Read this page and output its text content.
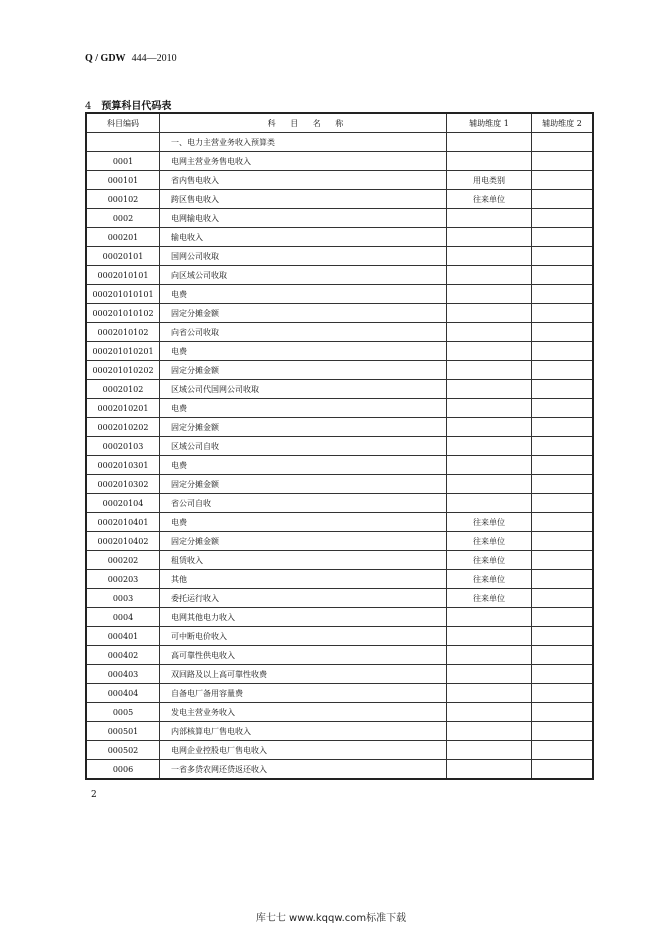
Q / GDW 444—2010
4 预算科目代码表
科目编码	科 目 名 称	辅助维度 1	辅助维度 2
	一、电力主营业务收入预算类		
0001	电网主营业务售电收入		
000101	省内售电收入	用电类别	
000102	跨区售电收入	往来单位	
0002	电网输电收入		
000201	输电收入		
00020101	国网公司收取		
0002010101	向区域公司收取		
000201010101	电费		
000201010102	固定分摊金额		
0002010102	向省公司收取		
000201010201	电费		
000201010202	固定分摊金额		
00020102	区域公司代国网公司收取		
0002010201	电费		
0002010202	固定分摊金额		
00020103	区域公司自收		
0002010301	电费		
0002010302	固定分摊金额		
00020104	省公司自收		
0002010401	电费	往来单位	
0002010402	固定分摊金额	往来单位	
000202	租赁收入	往来单位	
000203	其他	往来单位	
0003	委托运行收入	往来单位	
0004	电网其他电力收入		
000401	可中断电价收入		
000402	高可靠性供电收入		
000403	双回路及以上高可靠性收费		
000404	自备电厂备用容量费		
0005	发电主营业务收入		
000501	内部核算电厂售电收入		
000502	电网企业控股电厂售电收入		
0006	一省多贷农网还贷返还收入		
2
库七七 www.kqqw.com标准下载
